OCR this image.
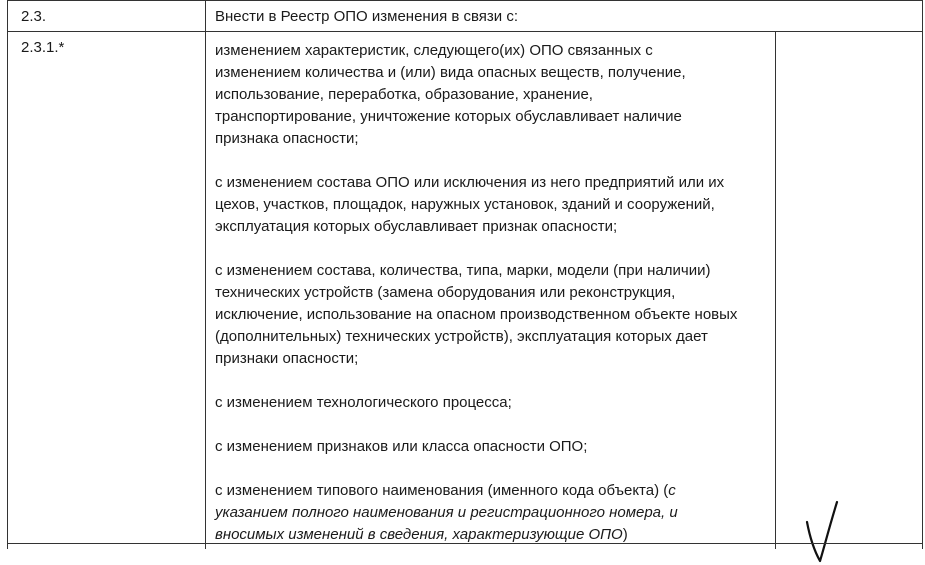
2.3.	Внести в Реестр ОПО изменения в связи с:
2.3.1.*	изменением характеристик, следующего(их) ОПО связанных с
изменением количества и (или) вида опасных веществ, получение,
использование, переработка, образование, хранение,
транспортирование, уничтожение которых обуславливает наличие
признака опасности;

с изменением состава ОПО или исключения из него предприятий или их
цехов, участков, площадок, наружных установок, зданий и сооружений,
эксплуатация которых обуславливает признак опасности;

с изменением состава, количества, типа, марки, модели (при наличии)
технических устройств (замена оборудования или реконструкция,
исключение, использование на опасном производственном объекте новых
(дополнительных) технических устройств), эксплуатация которых дает
признаки опасности;

с изменением технологического процесса;

с изменением признаков или класса опасности ОПО;

с изменением типового наименования (именного кода объекта) (с
указанием полного наименования и регистрационного номера, и
вносимых изменений в сведения, характеризующие ОПО)
